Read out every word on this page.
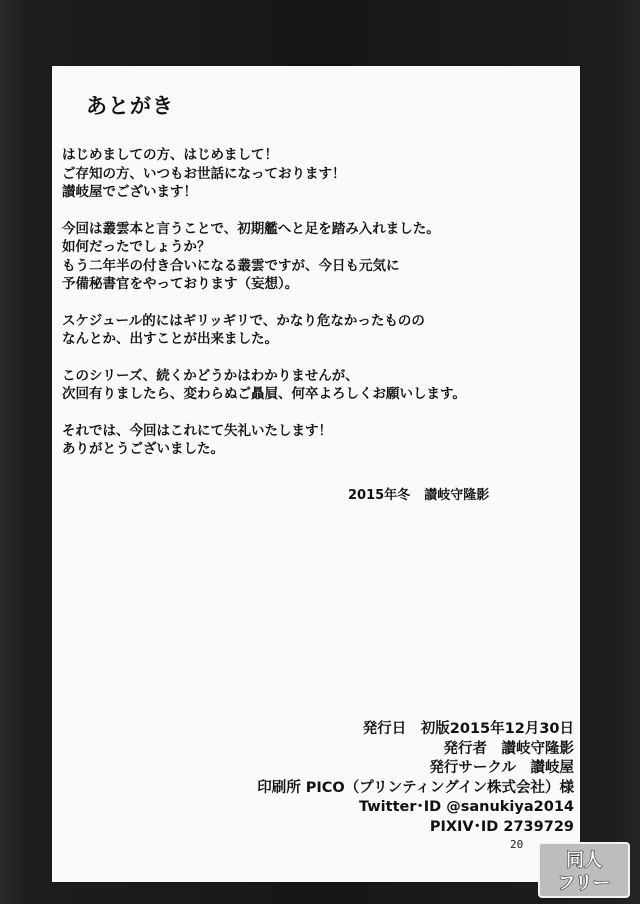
あとがき

はじめましての方、はじめまして！
ご存知の方、いつもお世話になっております！
讃岐屋でございます！

今回は叢雲本と言うことで、初期艦へと足を踏み入れました。
如何だったでしょうか？
もう二年半の付き合いになる叢雲ですが、今日も元気に
予備秘書官をやっております（妄想）。

スケジュール的にはギリッギリで、かなり危なかったものの
なんとか、出すことが出来ました。

このシリーズ、続くかどうかはわかりませんが、
次回有りましたら、変わらぬご贔屓、何卒よろしくお願いします。

それでは、今回はこれにて失礼いたします！
ありがとうございました。

2015年冬 讃岐守隆影
発行日　初版2015年12月30日
発行者　讃岐守隆影
発行サークル　讃岐屋
印刷所 PICO（プリンティングイン株式会社）様
Twitter･ID @sanukiya2014
PIXIV･ID 2739729
20
同人
フリー
